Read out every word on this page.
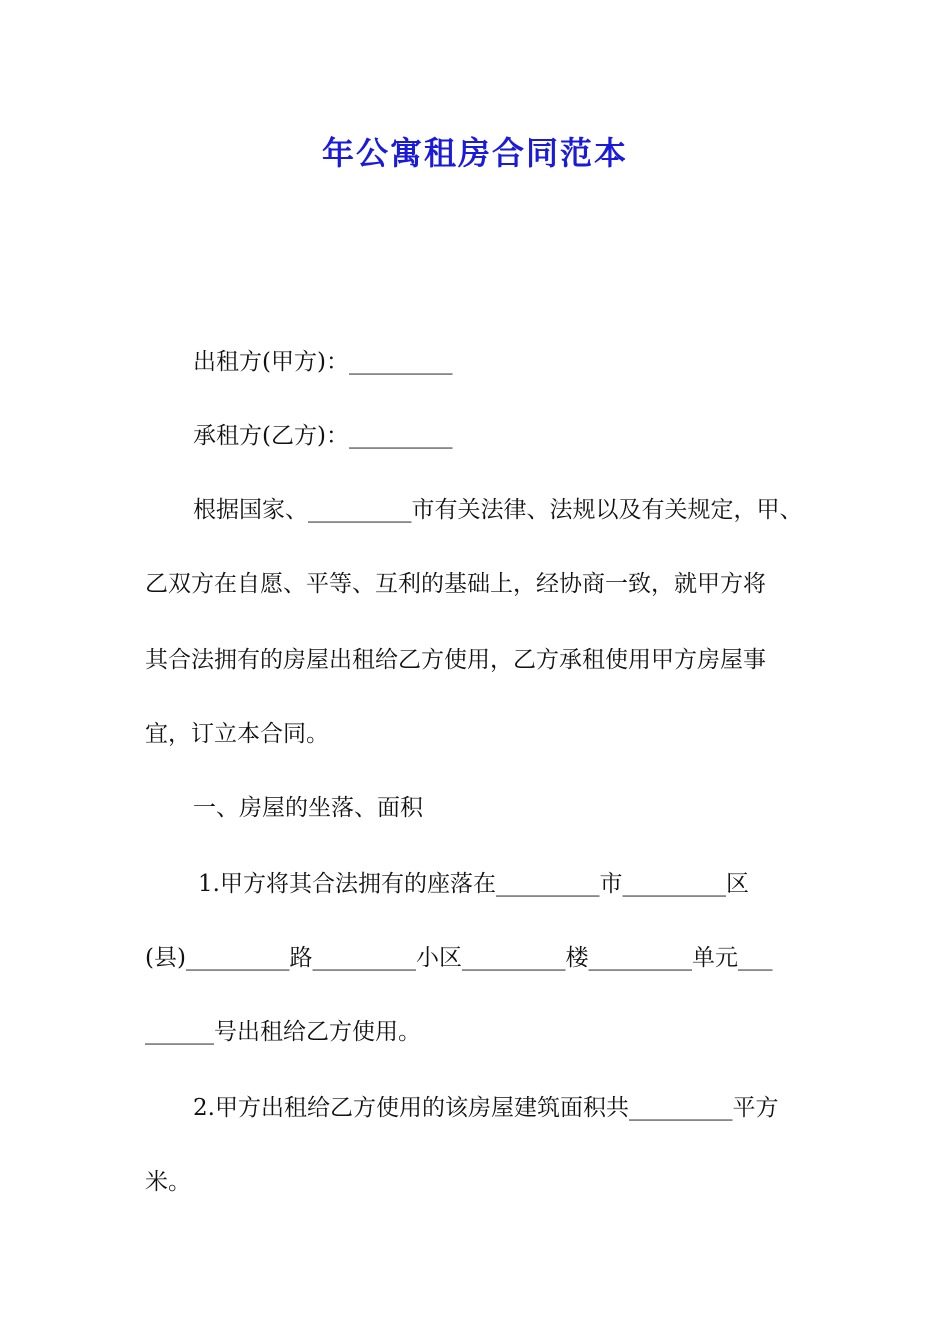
年公寓租房合同范本

出租方(甲方)：_________

承租方(乙方)：_________

根据国家、_________市有关法律、法规以及有关规定，甲、

乙双方在自愿、平等、互利的基础上，经协商一致，就甲方将

其合法拥有的房屋出租给乙方使用，乙方承租使用甲方房屋事

宜，订立本合同。

一、房屋的坐落、面积

1.甲方将其合法拥有的座落在_________市_________区

(县)_________路_________小区_________楼_________单元___

______号出租给乙方使用。

2.甲方出租给乙方使用的该房屋建筑面积共_________平方

米。
